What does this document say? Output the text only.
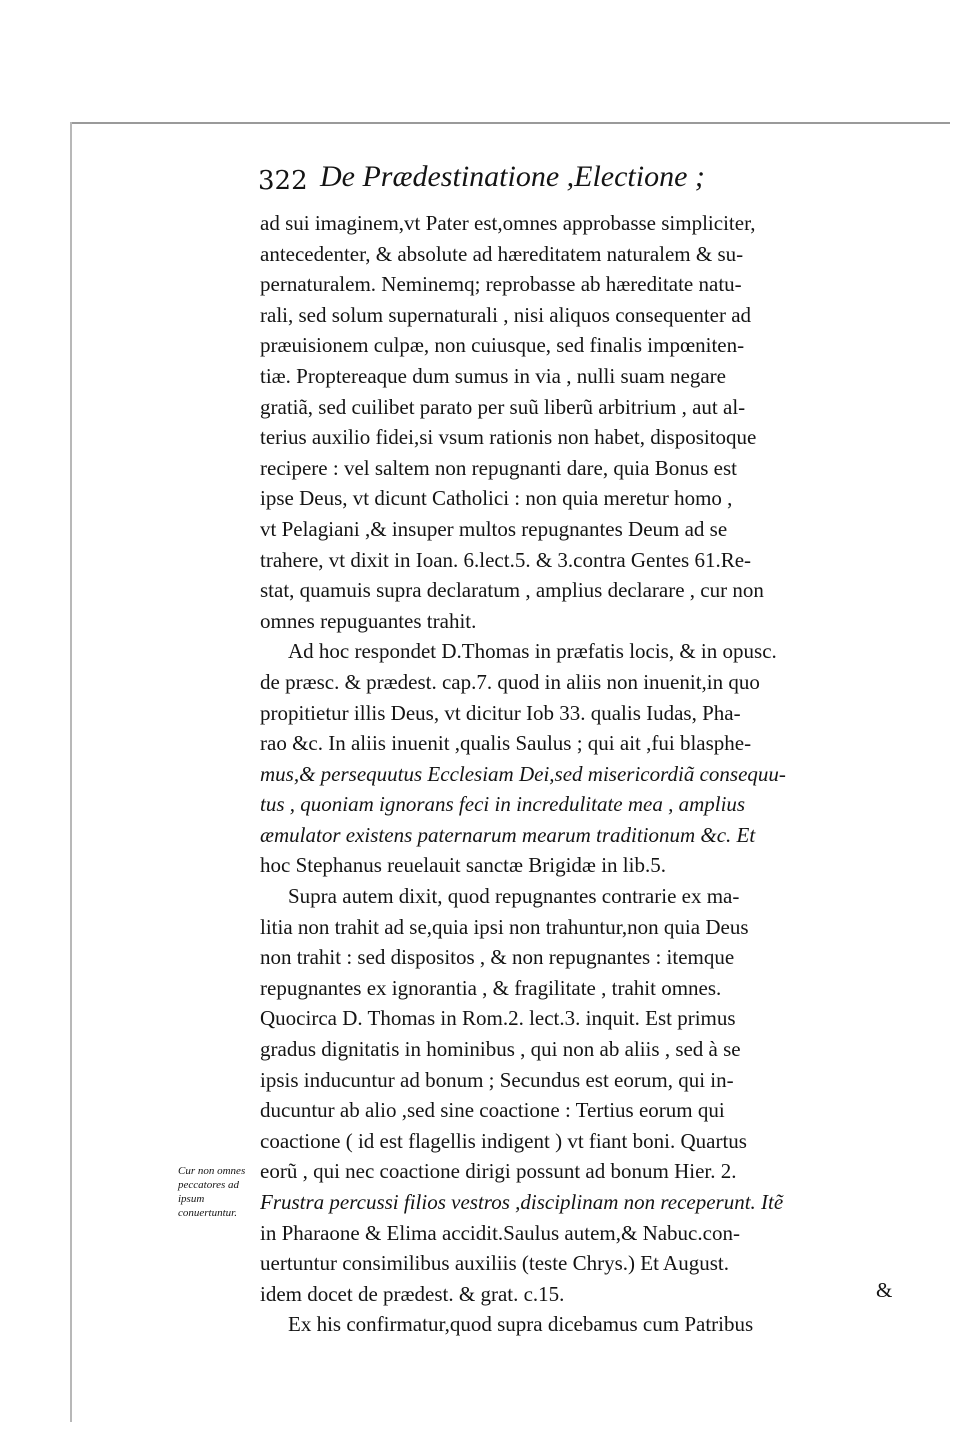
322 De Prædestinatione ,Electione ;
ad sui imaginem,vt Pater est,omnes approbasse simpliciter,
antecedenter, & absolute ad hæreditatem naturalem & su-
pernaturalem. Neminemq; reprobasse ab hæreditate natu-
rali, sed solum supernaturali , nisi aliquos consequenter ad
præuisionem culpæ, non cuiusque, sed finalis impœniten-
tiæ. Proptereaque dum sumus in via , nulli suam negare
gratiã, sed cuilibet parato per suũ liberũ arbitrium , aut al-
terius auxilio fidei,si vsum rationis non habet, dispositoque
recipere : vel saltem non repugnanti dare, quia Bonus est
ipse Deus, vt dicunt Catholici : non quia meretur homo ,
vt Pelagiani ,& insuper multos repugnantes Deum ad se
trahere, vt dixit in Ioan. 6.lect.5. & 3.contra Gentes 61.Re-
stat, quamuis supra declaratum , amplius declarare , cur non
omnes repuguantes trahit.
Ad hoc respondet D.Thomas in præfatis locis, & in opusc.
de præsc. & prædest. cap.7. quod in aliis non inuenit,in quo
propitietur illis Deus, vt dicitur Iob 33. qualis Iudas, Pha-
rao &c. In aliis inuenit ,qualis Saulus ; qui ait ,fui blasphe-
mus,& persequutus Ecclesiam Dei,sed misericordiã consequu-
tus , quoniam ignorans feci in incredulitate mea , amplius
æmulator existens paternarum mearum traditionum &c. Et
hoc Stephanus reuelauit sanctæ Brigidæ in lib.5.
Supra autem dixit, quod repugnantes contrarie ex ma-
litia non trahit ad se,quia ipsi non trahuntur,non quia Deus
non trahit : sed dispositos , & non repugnantes : itemque
repugnantes ex ignorantia , & fragilitate , trahit omnes.
Quocirca D. Thomas in Rom.2. lect.3. inquit. Est primus
gradus dignitatis in hominibus , qui non ab aliis , sed à se
ipsis inducuntur ad bonum ; Secundus est eorum, qui in-
ducuntur ab alio ,sed sine coactione : Tertius eorum qui
coactione ( id est flagellis indigent ) vt fiant boni. Quartus
eorũ , qui nec coactione dirigi possunt ad bonum Hier. 2.
Frustra percussi filios vestros ,disciplinam non receperunt. Itẽ
in Pharaone & Elima accidit.Saulus autem,& Nabuc.con-
uertuntur consimilibus auxiliis (teste Chrys.) Et August.
idem docet de prædest. & grat. c.15.
Ex his confirmatur,quod supra dicebamus cum Patribus
Cur non omnes peccatores ad ipsum conuertuntur.
&
